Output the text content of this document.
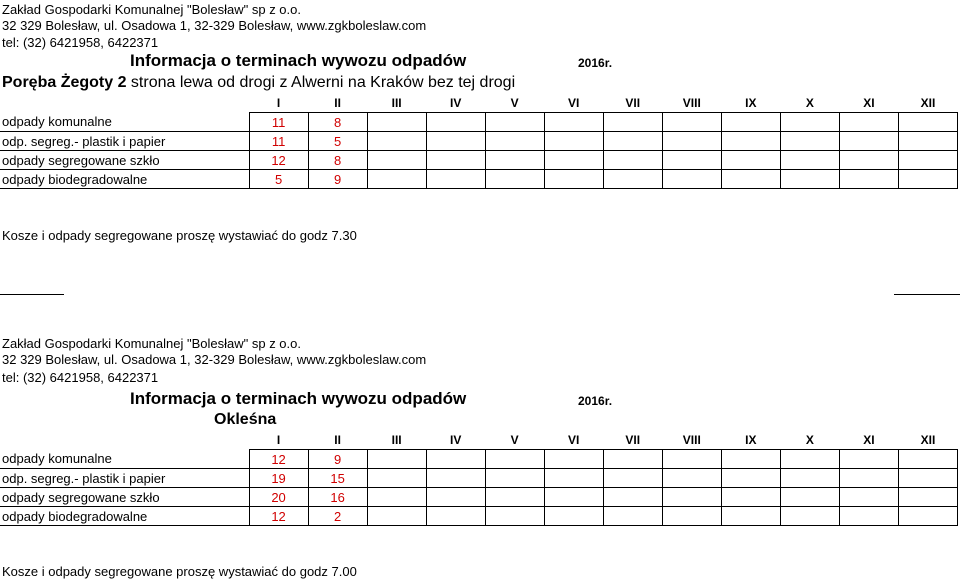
Zakład Gospodarki Komunalnej "Bolesław" sp z o.o.
32 329 Bolesław, ul. Osadowa 1, 32-329 Bolesław, www.zgkboleslaw.com
tel: (32) 6421958, 6422371
Informacja o terminach wywozu odpadów	2016r.
Poręba Żegoty 2 strona lewa od drogi z Alwerni na Kraków bez tej drogi
	I	II	III	IV	V	VI	VII	VIII	IX	X	XI	XII
odpady komunalne	11	8										
odp. segreg.- plastik i papier	11	5										
odpady segregowane szkło	12	8										
odpady biodegradowalne	5	9										
Kosze i odpady segregowane proszę wystawiać do godz 7.30
Zakład Gospodarki Komunalnej "Bolesław" sp z o.o.
32 329 Bolesław, ul. Osadowa 1, 32-329 Bolesław, www.zgkboleslaw.com
tel: (32) 6421958, 6422371
Informacja o terminach wywozu odpadów	2016r.
Okleśna
	I	II	III	IV	V	VI	VII	VIII	IX	X	XI	XII
odpady komunalne	12	9										
odp. segreg.- plastik i papier	19	15										
odpady segregowane szkło	20	16										
odpady biodegradowalne	12	2										
Kosze i odpady segregowane proszę wystawiać do godz 7.00
